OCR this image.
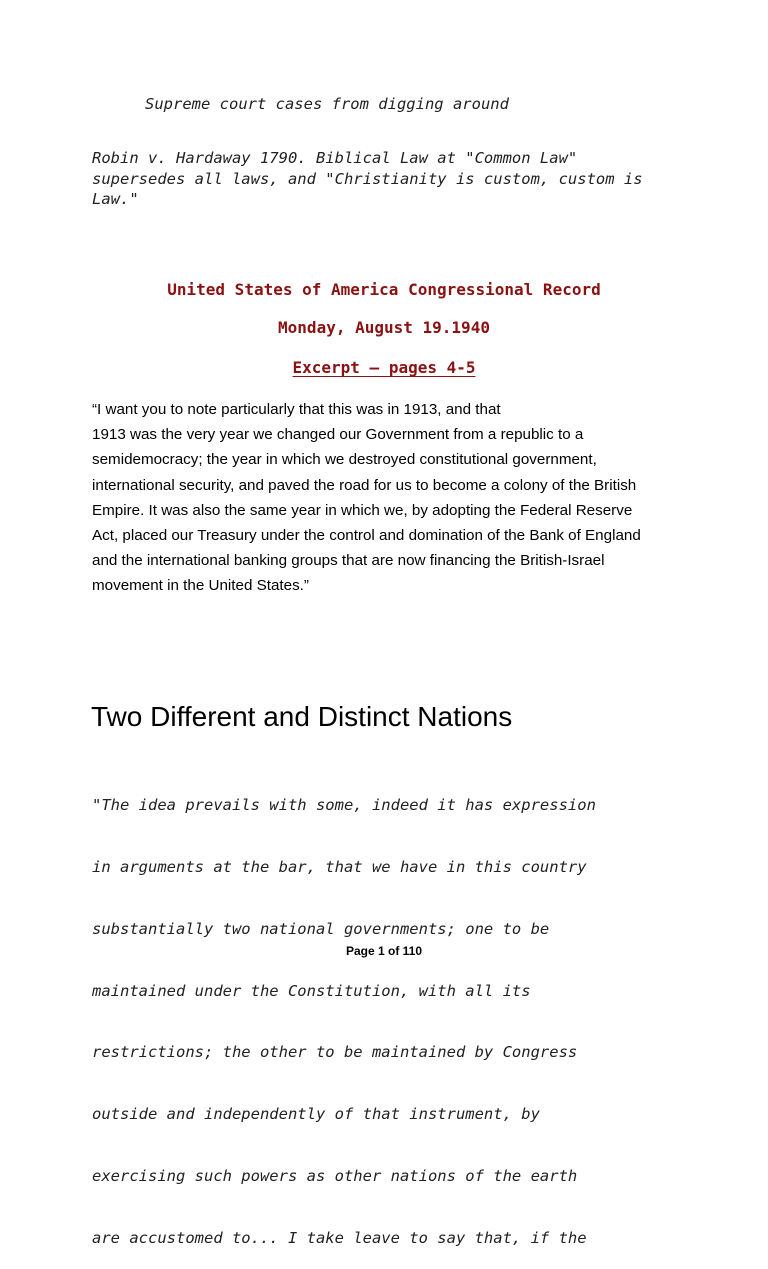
Supreme court cases from digging around
Robin v. Hardaway 1790. Biblical Law at "Common Law" supersedes all laws, and "Christianity is custom, custom is Law."
United States of America Congressional Record
Monday, August 19.1940
Excerpt – pages 4-5
“I want you to note particularly that this was in 1913, and that
1913 was the very year we changed our Government from a republic to a
semidemocracy; the year in which we destroyed constitutional government,
international security, and paved the road for us to become a colony of the British
Empire. It was also the same year in which we, by adopting the Federal Reserve
Act, placed our Treasury under the control and domination of the Bank of England
and the international banking groups that are now financing the British-Israel
movement in the United States.”
Two Different and Distinct Nations

"The idea prevails with some, indeed it has expression

in arguments at the bar, that we have in this country

substantially two national governments; one to be

maintained under the Constitution, with all its

restrictions; the other to be maintained by Congress

outside and independently of that instrument, by

exercising such powers as other nations of the earth

are accustomed to... I take leave to say that, if the

Page 1 of 110
